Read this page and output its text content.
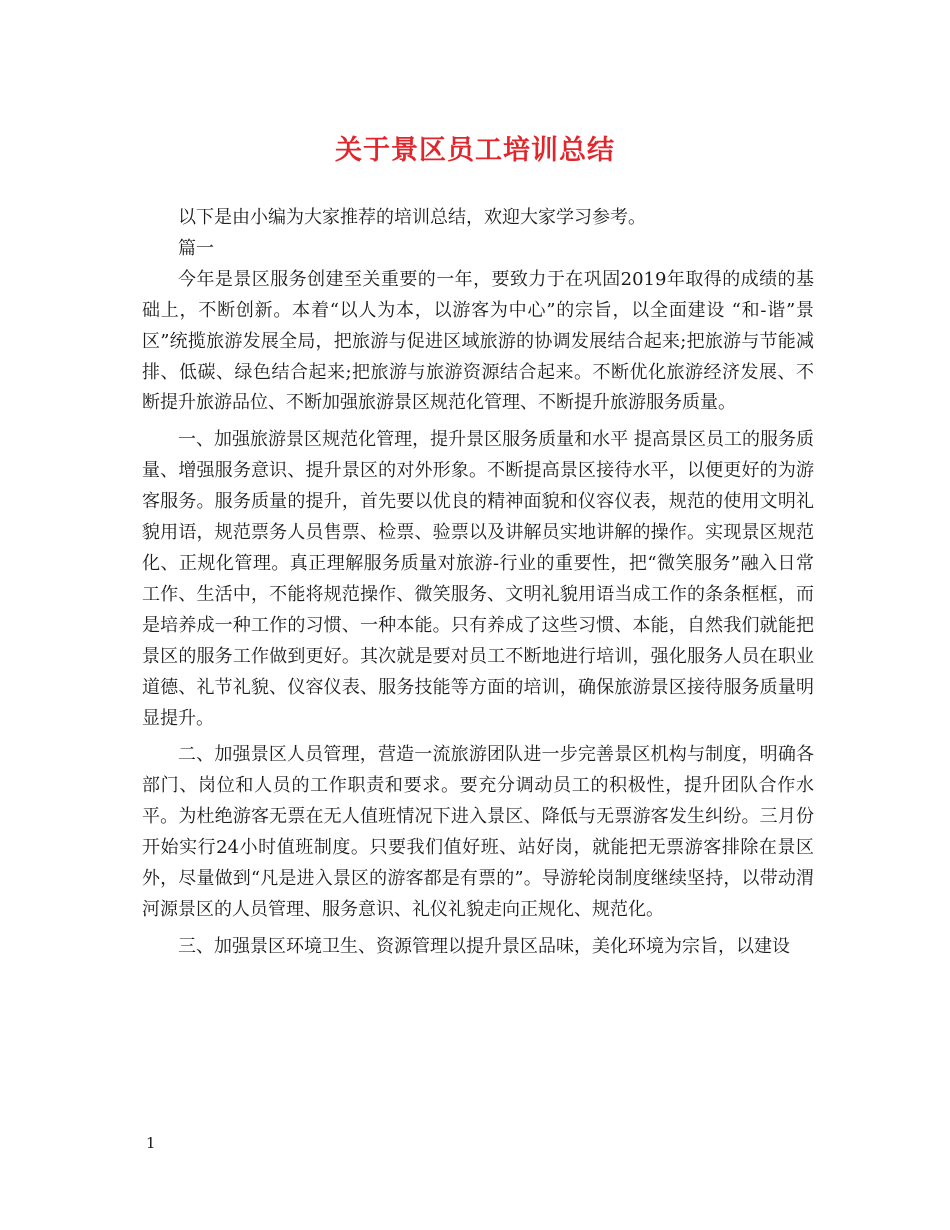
关于景区员工培训总结

以下是由小编为大家推荐的培训总结，欢迎大家学习参考。

篇一

今年是景区服务创建至关重要的一年，要致力于在巩固2019年取得的成绩的基础上，不断创新。本着“以人为本，以游客为中心”的宗旨，以全面建设 “和-谐”景区”统揽旅游发展全局，把旅游与促进区域旅游的协调发展结合起来;把旅游与节能减排、低碳、绿色结合起来;把旅游与旅游资源结合起来。不断优化旅游经济发展、不断提升旅游品位、不断加强旅游景区规范化管理、不断提升旅游服务质量。

一、加强旅游景区规范化管理，提升景区服务质量和水平 提高景区员工的服务质量、增强服务意识、提升景区的对外形象。不断提高景区接待水平，以便更好的为游客服务。服务质量的提升，首先要以优良的精神面貌和仪容仪表，规范的使用文明礼貌用语，规范票务人员售票、检票、验票以及讲解员实地讲解的操作。实现景区规范化、正规化管理。真正理解服务质量对旅游-行业的重要性，把“微笑服务”融入日常工作、生活中，不能将规范操作、微笑服务、文明礼貌用语当成工作的条条框框，而是培养成一种工作的习惯、一种本能。只有养成了这些习惯、本能，自然我们就能把景区的服务工作做到更好。其次就是要对员工不断地进行培训，强化服务人员在职业道德、礼节礼貌、仪容仪表、服务技能等方面的培训，确保旅游景区接待服务质量明显提升。

二、加强景区人员管理，营造一流旅游团队进一步完善景区机构与制度，明确各部门、岗位和人员的工作职责和要求。要充分调动员工的积极性，提升团队合作水平。为杜绝游客无票在无人值班情况下进入景区、降低与无票游客发生纠纷。三月份开始实行24小时值班制度。只要我们值好班、站好岗，就能把无票游客排除在景区外，尽量做到“凡是进入景区的游客都是有票的”。导游轮岗制度继续坚持，以带动渭河源景区的人员管理、服务意识、礼仪礼貌走向正规化、规范化。

三、加强景区环境卫生、资源管理以提升景区品味，美化环境为宗旨，以建设

1
